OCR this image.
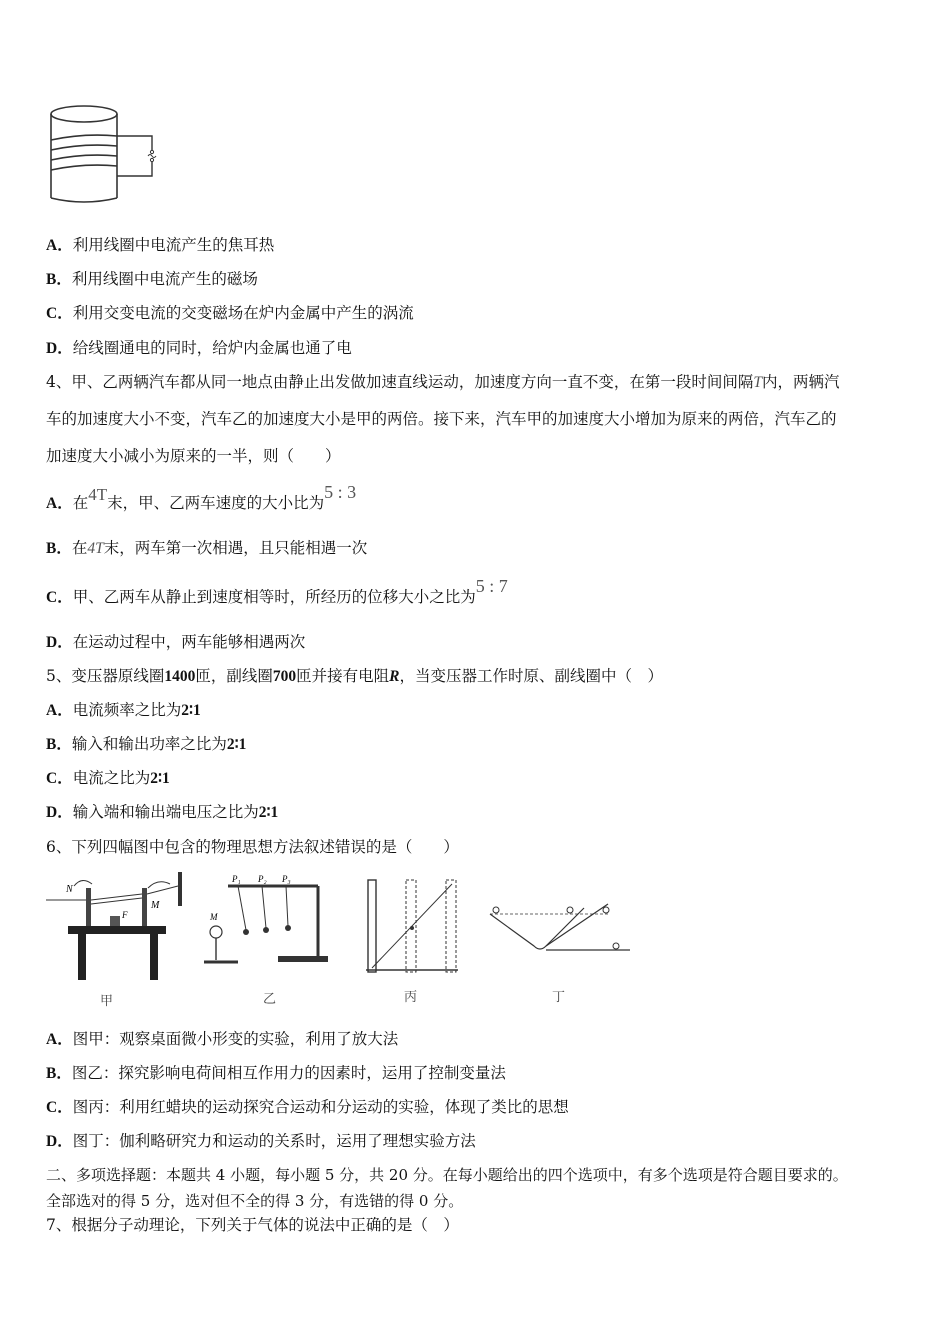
A．利用线圈中电流产生的焦耳热
B．利用线圈中电流产生的磁场
C．利用交变电流的交变磁场在炉内金属中产生的涡流
D．给线圈通电的同时，给炉内金属也通了电
4、甲、乙两辆汽车都从同一地点由静止出发做加速直线运动，加速度方向一直不变，在第一段时间间隔T内，两辆汽
车的加速度大小不变，汽车乙的加速度大小是甲的两倍。接下来，汽车甲的加速度大小增加为原来的两倍，汽车乙的
加速度大小减小为原来的一半，则（　　）
A．在4T末，甲、乙两车速度的大小比为5 : 3
B．在4T末，两车第一次相遇，且只能相遇一次
C．甲、乙两车从静止到速度相等时，所经历的位移大小之比为5 : 7
D．在运动过程中，两车能够相遇两次
5、变压器原线圈1400匝，副线圈700匝并接有电阻R，当变压器工作时原、副线圈中（　）
A．电流频率之比为2∶1
B．输入和输出功率之比为2∶1
C．电流之比为2∶1
D．输入端和输出端电压之比为2∶1
6、下列四幅图中包含的物理思想方法叙述错误的是（　　）
N
M
F
甲
P₁ P₂ P₃
M
乙	丙	丁
A．图甲：观察桌面微小形变的实验，利用了放大法
B．图乙：探究影响电荷间相互作用力的因素时，运用了控制变量法
C．图丙：利用红蜡块的运动探究合运动和分运动的实验，体现了类比的思想
D．图丁：伽利略研究力和运动的关系时，运用了理想实验方法
二、多项选择题：本题共 4 小题，每小题 5 分，共 20 分。在每小题给出的四个选项中，有多个选项是符合题目要求的。
全部选对的得 5 分，选对但不全的得 3 分，有选错的得 0 分。
7、根据分子动理论，下列关于气体的说法中正确的是（　）
